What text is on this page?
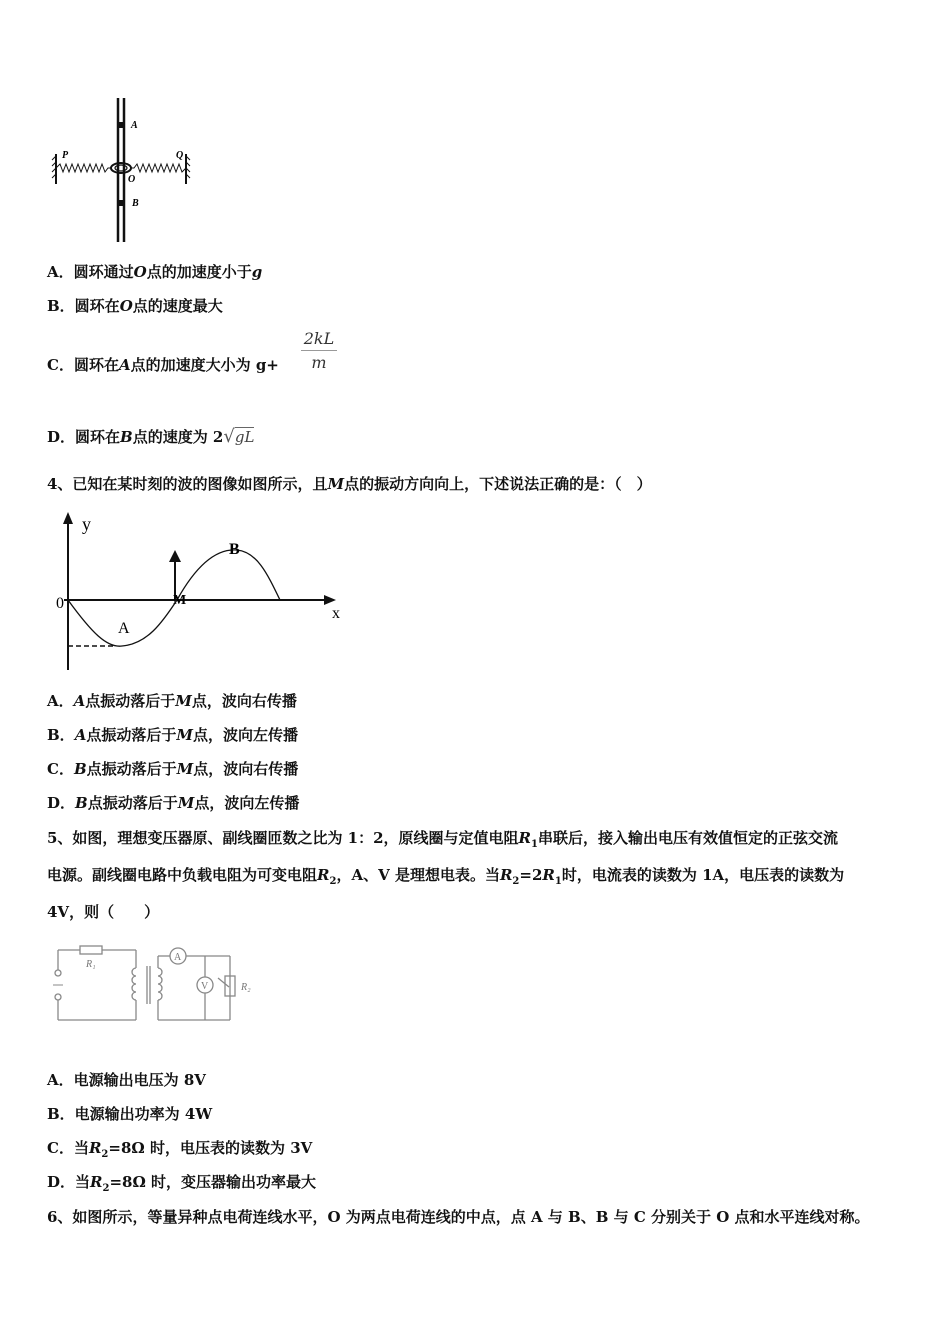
A
B
P	Q
O
A．圆环通过O点的加速度小于g
B．圆环在O点的速度最大
C．圆环在A点的加速度大小为 g+
2kL
m
D．圆环在B点的速度为 2√gL
4、已知在某时刻的波的图像如图所示，且M点的振动方向向上，下述说法正确的是：（　）
y
x
0
A
B
M
A．A点振动落后于M点，波向右传播
B．A点振动落后于M点，波向左传播
C．B点振动落后于M点，波向右传播
D．B点振动落后于M点，波向左传播
5、如图，理想变压器原、副线圈匝数之比为 1：2，原线圈与定值电阻$R_1$串联后，接入输出电压有效值恒定的正弦交流
电源。副线圈电路中负载电阻为可变电阻$R_2$，A、V 是理想电表。当$R_2=2R_1$时，电流表的读数为 1A，电压表的读数为
4V，则（　　）
R₁
R₂
A
V
A．电源输出电压为 8V
B．电源输出功率为 4W
C．当$R_2=8\Omega$ 时，电压表的读数为 3V
D．当$R_2=8\Omega$ 时，变压器输出功率最大
6、如图所示，等量异种点电荷连线水平，O 为两点电荷连线的中点，点 A 与 B、B 与 C 分别关于 O 点和水平连线对称。
